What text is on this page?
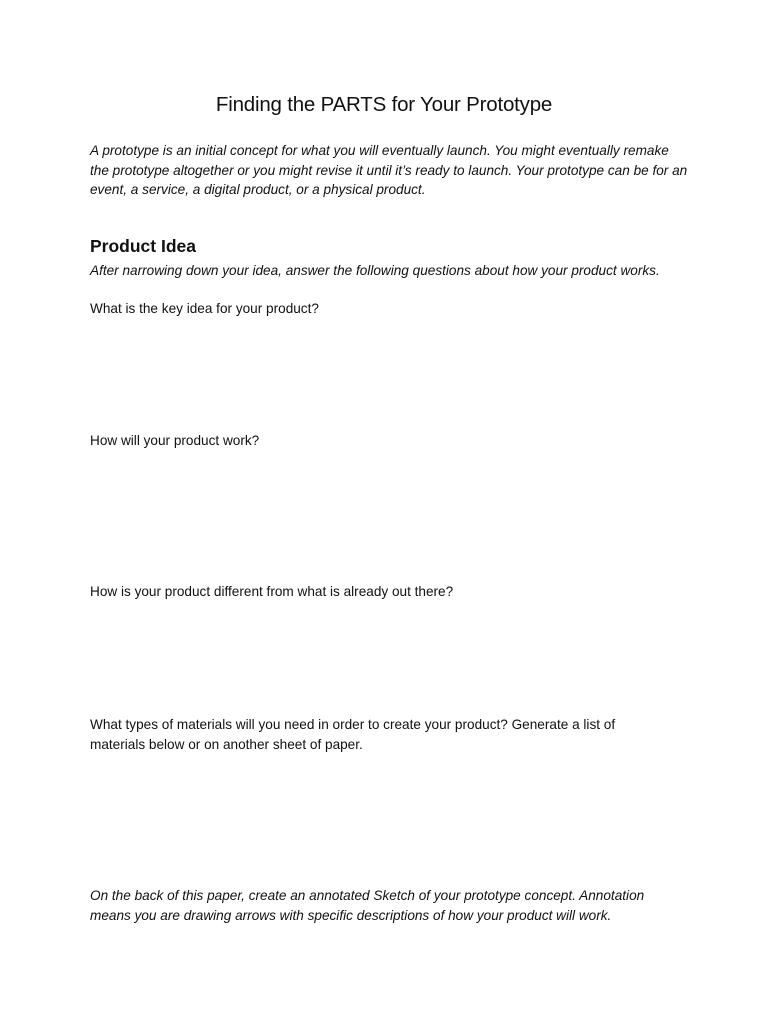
Finding the PARTS for Your Prototype

A prototype is an initial concept for what you will eventually launch. You might eventually remake the prototype altogether or you might revise it until it’s ready to launch. Your prototype can be for an event, a service, a digital product, or a physical product.

Product Idea

After narrowing down your idea, answer the following questions about how your product works.

What is the key idea for your product?

How will your product work?

How is your product different from what is already out there?

What types of materials will you need in order to create your product? Generate a list of materials below or on another sheet of paper.

On the back of this paper, create an annotated Sketch of your prototype concept. Annotation means you are drawing arrows with specific descriptions of how your product will work.
